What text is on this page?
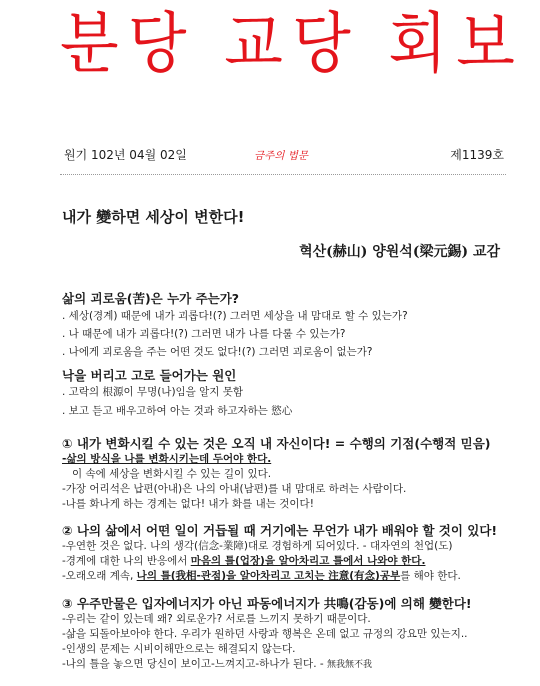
분당 교당 회보
원기 102년 04월 02일	금주의 법문	제1139호
내가 變하면 세상이 변한다!
혁산(赫山) 양원석(梁元錫) 교감
삶의 괴로움(苦)은 누가 주는가?
. 세상(경계) 때문에 내가 괴롭다!(?) 그러면 세상을 내 맘대로 할 수 있는가?
. 나 때문에 내가 괴롭다!(?) 그러면 내가 나를 다룰 수 있는가?
. 나에게 괴로움을 주는 어떤 것도 없다!(?) 그러면 괴로움이 없는가?
낙을 버리고 고로 들어가는 원인
. 고락의 根源이 무명(나)임을 알지 못함
. 보고 듣고 배우고하여 아는 것과 하고자하는 慾心
① 내가 변화시킬 수 있는 것은 오직 내 자신이다! = 수행의 기점(수행적 믿음)
-삶의 방식을 나를 변화시키는데 두어야 한다.
이 속에 세상을 변화시킬 수 있는 길이 있다.
-가장 어리석은 납편(아내)은 나의 아내(남편)를 내 맘대로 하려는 사람이다.
-나를 화나게 하는 경계는 없다! 내가 화를 내는 것이다!
② 나의 삶에서 어떤 일이 거듭될 때 거기에는 무언가 내가 배워야 할 것이 있다!
-우연한 것은 없다. 나의 생각(信念-業障)대로 경험하게 되어있다. - 대자연의 천업(도)
-경계에 대한 나의 반응에서 마음의 틀(업장)을 알아차리고 틀에서 나와야 한다.
-오래오래 계속, 나의 틀(我相-관점)을 알아차리고 고치는 注意(有念)공부를 해야 한다.
③ 우주만물은 입자에너지가 아닌 파동에너지가 共鳴(감동)에 의해 變한다!
-우리는 같이 있는데 왜? 외로운가? 서로를 느끼지 못하기 때문이다.
-삶을 되돌아보아야 한다. 우리가 원하던 사랑과 행복은 온데 없고 규정의 강요만 있는지..
-인생의 문제는 시비이해만으로는 해결되지 않는다.
-나의 틀을 놓으면 당신이 보이고-느껴지고-하나가 된다. - 無我無不我
